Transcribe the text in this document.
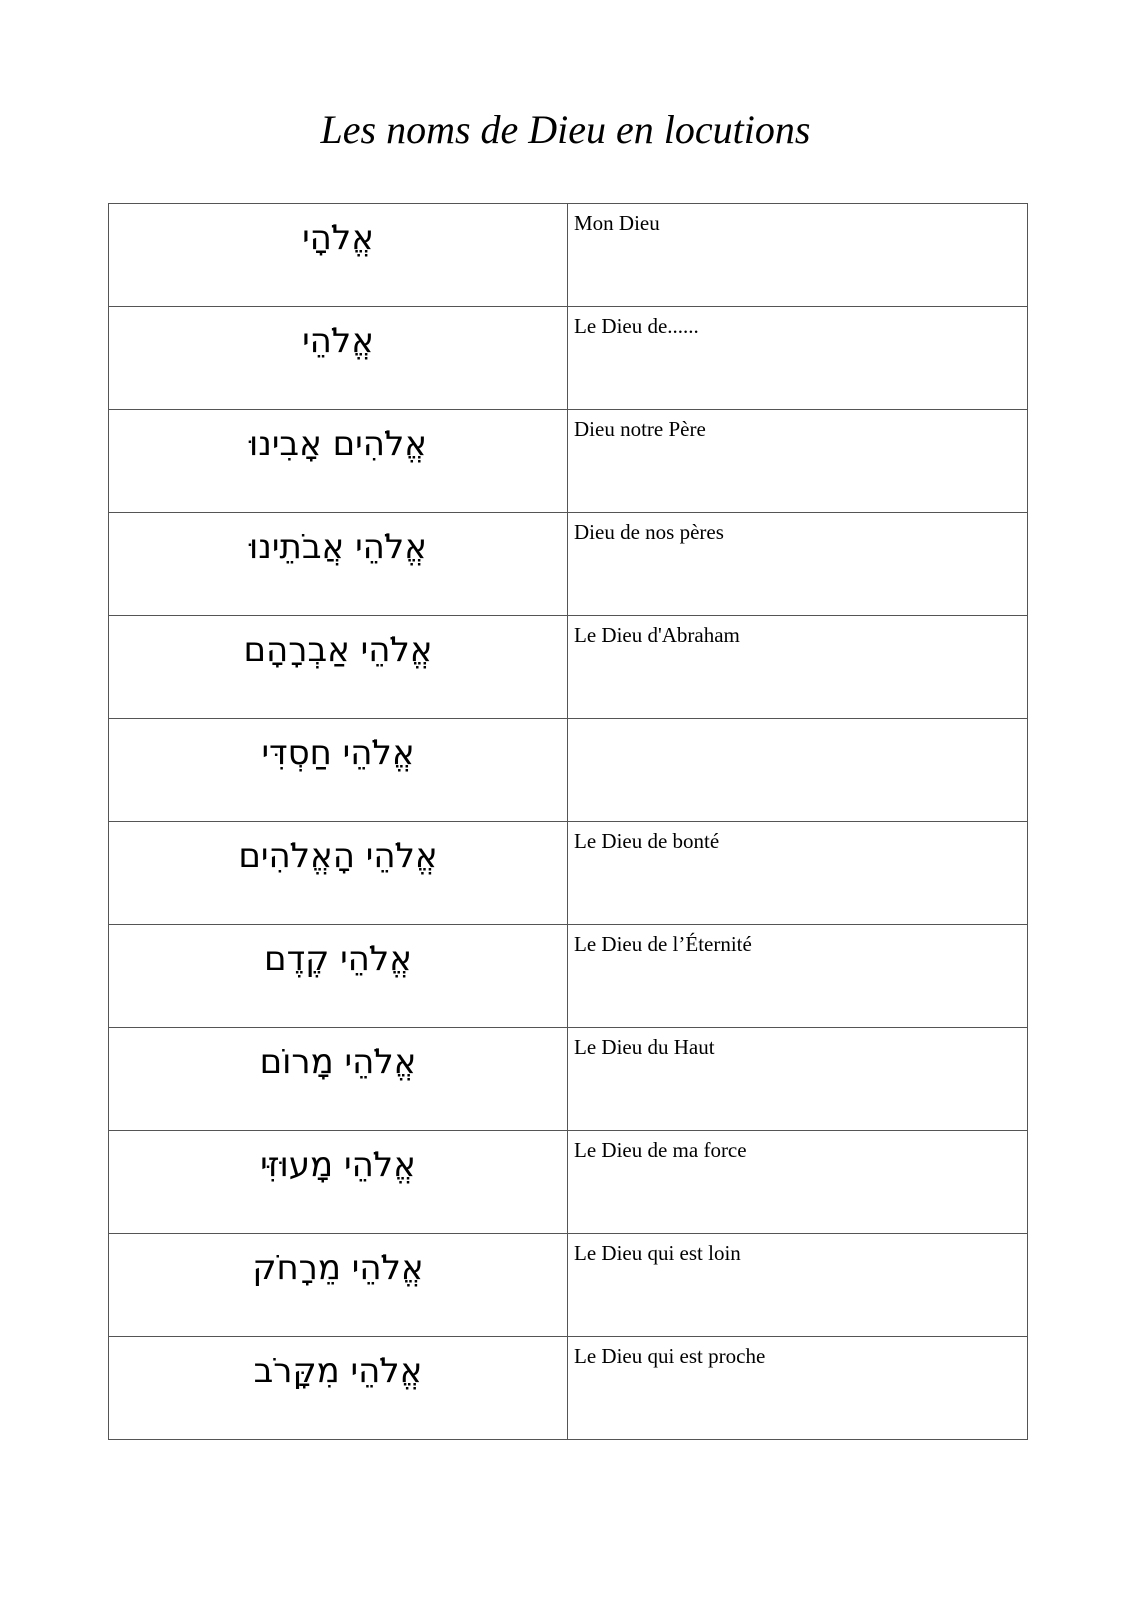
Les noms de Dieu en locutions
אֱלֹהָי	Mon Dieu
אֱלֹהֵי	Le Dieu de......
אֱלֹהִים אָבִינוּ	Dieu notre Père
אֱלֹהֵי אֲבֹתֵינוּ	Dieu de nos pères
אֱלֹהֵי אַבְרָהָם	Le Dieu d'Abraham
אֱלֹהֵי חַסְדִּי	
אֱלֹהֵי הָאֱלֹהִים	Le Dieu de bonté
אֱלֹהֵי קֶדֶם	Le Dieu de l’Éternité
אֱלֹהֵי מָרוֹם	Le Dieu du Haut
אֱלֹהֵי מָעוּזִּי	Le Dieu de ma force
אֱלֹהֵי מֵרָחֹק	Le Dieu qui est loin
אֱלֹהֵי מִקָּרֹב	Le Dieu qui est proche
